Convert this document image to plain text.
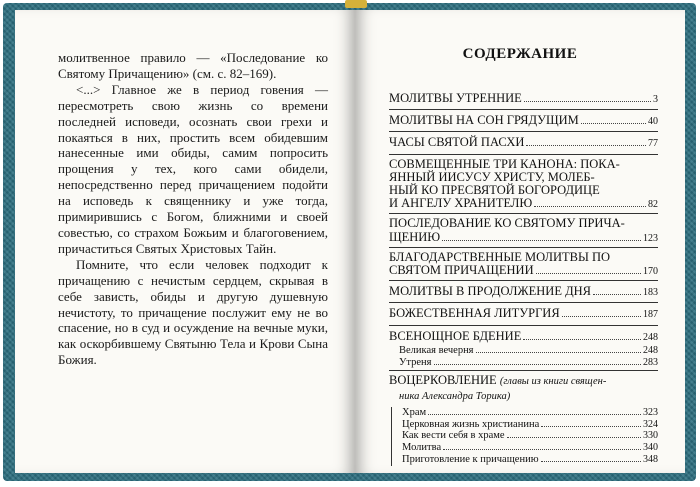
молитвенное правило — «Последование ко Святому Причащению» (см. с. 82–169).

<...> Главное же в период говения — пересмотреть свою жизнь со времени последней исповеди, осознать свои грехи и покаяться в них, простить всем обидевшим нанесенные ими обиды, самим попросить прощения у тех, кого сами обидели, непосредственно перед причащением подойти на исповедь к священнику и уже тогда, примирившись с Богом, ближними и своей совестью, со страхом Божьим и благоговением, причаститься Святых Христовых Тайн.

Помните, что если человек подходит к причащению с нечистым сердцем, скрывая в себе зависть, обиды и другую душевную нечистоту, то причащение послужит ему не во спасение, но в суд и осуждение на вечные муки, как оскорбившему Святыню Тела и Крови Сына Божия.

СОДЕРЖАНИЕ
МОЛИТВЫ УТРЕННИЕ	3
МОЛИТВЫ НА СОН ГРЯДУЩИМ	40
ЧАСЫ СВЯТОЙ ПАСХИ	77
СОВМЕЩЕННЫЕ ТРИ КАНОНА: ПОКА-
ЯННЫЙ ИИСУСУ ХРИСТУ, МОЛЕБ-
НЫЙ КО ПРЕСВЯТОЙ БОГОРОДИЦЕ
И АНГЕЛУ ХРАНИТЕЛЮ	82
ПОСЛЕДОВАНИЕ КО СВЯТОМУ ПРИЧА-
ЩЕНИЮ	123
БЛАГОДАРСТВЕННЫЕ МОЛИТВЫ ПО
СВЯТОМ ПРИЧАЩЕНИИ	170
МОЛИТВЫ В ПРОДОЛЖЕНИЕ ДНЯ	183
БОЖЕСТВЕННАЯ ЛИТУРГИЯ	187
ВСЕНОЩНОЕ БДЕНИЕ	248
Великая вечерня	248
Утреня	283
ВОЦЕРКОВЛЕНИЕ (главы из книги священ-
ника Александра Торика)
Храм	323
Церковная жизнь христианина	324
Как вести себя в храме	330
Молитва	340
Приготовление к причащению	348
